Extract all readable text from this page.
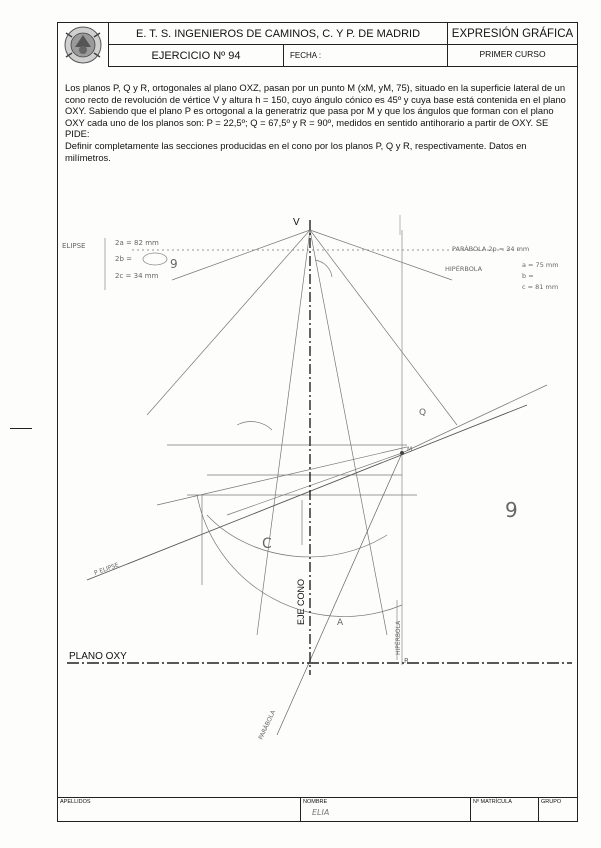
E. T. S. INGENIEROS DE CAMINOS, C. Y P. DE MADRID	EXPRESIÓN GRÁFICA
EJERCICIO Nº 94	FECHA :	PRIMER CURSO
Los planos P, Q y R, ortogonales al plano OXZ, pasan por un punto M (xM, yM, 75), situado en la superficie lateral de un cono recto de revolución de vértice V y altura h = 150, cuyo ángulo cónico es 45º y cuya base está contenida en el plano OXY. Sabiendo que el plano P es ortogonal a la generatriz que pasa por M y que los ángulos que forman con el plano OXY cada uno de los planos son: P = 22,5º; Q = 67,5º y R = 90º, medidos en sentido antihorario a partir de OXY. SE PIDE:
Definir completamente las secciones producidas en el cono por los planos P, Q y R, respectivamente. Datos en milímetros.
V
EJE CONO
PLANO OXY
ELIPSE	2a = 82 mm
2b =	9
2c = 34 mm
PARÁBOLA 2p = 34 mm
HIPÉRBOLA	a = 75 mm
b =
c = 81 mm
P ELIPSE
PARÁBOLA
HIPÉRBOLA
M
R
Q
C
A
9
APELLIDOS	NOMBRE
ELIA
Nº MATRÍCULA	GRUPO
